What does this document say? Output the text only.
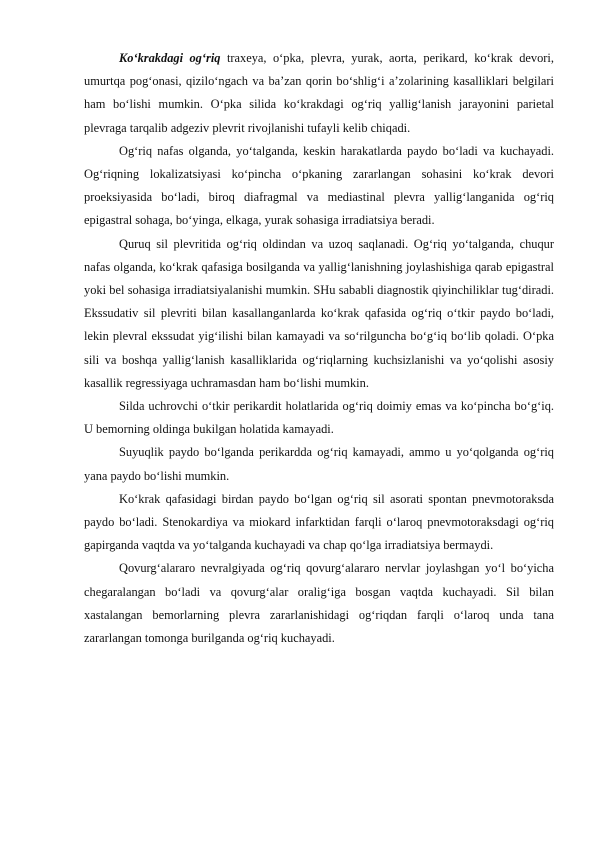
Ko‘krakdagi og‘riq traxeya, o‘pka, plevra, yurak, aorta, perikard, ko‘krak devori, umurtqa pog‘onasi, qizilo‘ngach va ba’zan qorin bo‘shlig‘i a’zolarining kasalliklari belgilari ham bo‘lishi mumkin. O‘pka silida ko‘krakdagi og‘riq yallig‘lanish jarayonini parietal plevraga tarqalib adgeziv plevrit rivojlanishi tufayli kelib chiqadi.

Og‘riq nafas olganda, yo‘talganda, keskin harakatlarda paydo bo‘ladi va kuchayadi. Og‘riqning lokalizatsiyasi ko‘pincha o‘pkaning zararlangan sohasini ko‘krak devori proeksiyasida bo‘ladi, biroq diafragmal va mediastinal plevra yallig‘langanida og‘riq epigastral sohaga, bo‘yinga, elkaga, yurak sohasiga irradiatsiya beradi.

Quruq sil plevritida og‘riq oldindan va uzoq saqlanadi. Og‘riq yo‘talganda, chuqur nafas olganda, ko‘krak qafasiga bosilganda va yallig‘lanishning joylashishiga qarab epigastral yoki bel sohasiga irradiatsiyalanishi mumkin. SHu sababli diagnostik qiyinchiliklar tug‘diradi. Ekssudativ sil plevriti bilan kasallanganlarda ko‘krak qafasida og‘riq o‘tkir paydo bo‘ladi, lekin plevral ekssudat yig‘ilishi bilan kamayadi va so‘rilguncha bo‘g‘iq bo‘lib qoladi. O‘pka sili va boshqa yallig‘lanish kasalliklarida og‘riqlarning kuchsizlanishi va yo‘qolishi asosiy kasallik regressiyaga uchramasdan ham bo‘lishi mumkin.

Silda uchrovchi o‘tkir perikardit holatlarida og‘riq doimiy emas va ko‘pincha bo‘g‘iq. U bemorning oldinga bukilgan holatida kamayadi.

Suyuqlik paydo bo‘lganda perikardda og‘riq kamayadi, ammo u yo‘qolganda og‘riq yana paydo bo‘lishi mumkin.

Ko‘krak qafasidagi birdan paydo bo‘lgan og‘riq sil asorati spontan pnevmotoraksda paydo bo‘ladi. Stenokardiya va miokard infarktidan farqli o‘laroq pnevmotoraksdagi og‘riq gapirganda vaqtda va yo‘talganda kuchayadi va chap qo‘lga irradiatsiya bermaydi.

Qovurg‘alararo nevralgiyada og‘riq qovurg‘alararo nervlar joylashgan yo‘l bo‘yicha chegaralangan bo‘ladi va qovurg‘alar oralig‘iga bosgan vaqtda kuchayadi. Sil bilan xastalangan bemorlarning plevra zararlanishidagi og‘riqdan farqli o‘laroq unda tana zararlangan tomonga burilganda og‘riq kuchayadi.
